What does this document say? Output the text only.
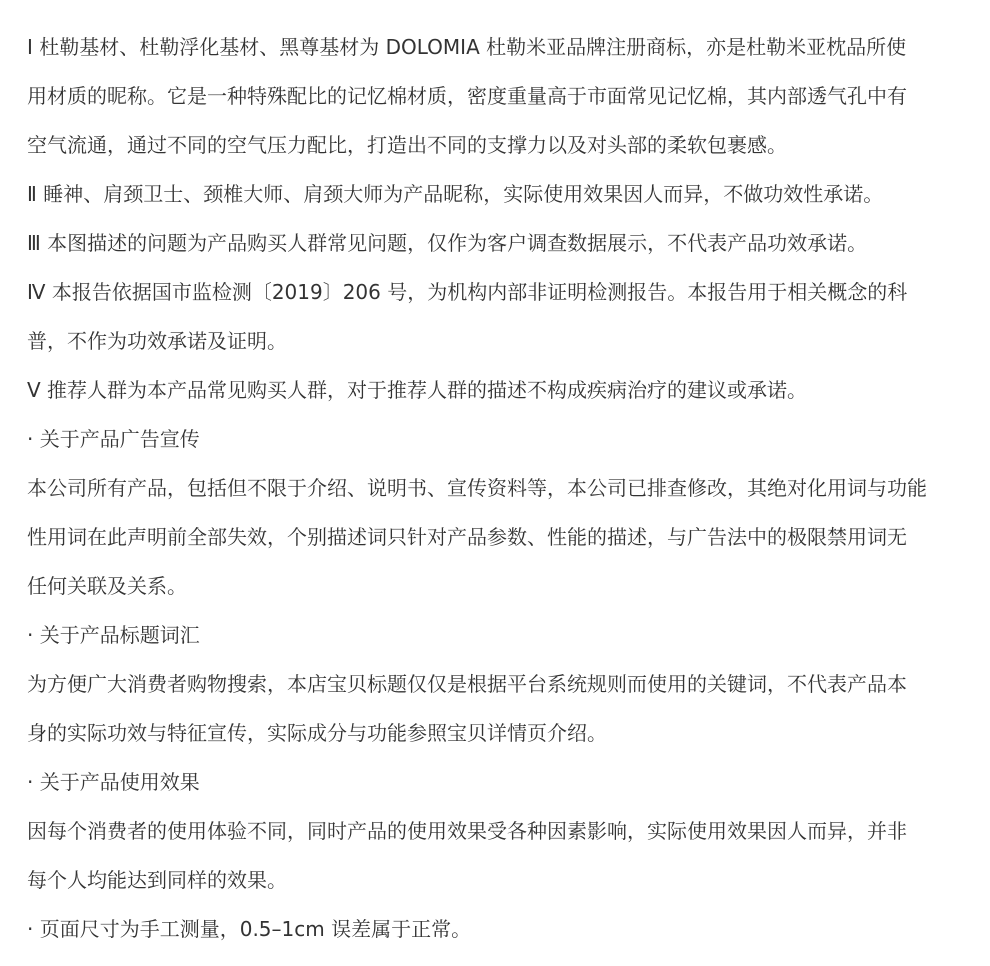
Ⅰ 杜勒基材、杜勒浮化基材、黑尊基材为 DOLOMIA 杜勒米亚品牌注册商标，亦是杜勒米亚枕品所使
用材质的昵称。它是一种特殊配比的记忆棉材质，密度重量高于市面常见记忆棉，其内部透气孔中有
空气流通，通过不同的空气压力配比，打造出不同的支撑力以及对头部的柔软包裹感。
Ⅱ 睡神、肩颈卫士、颈椎大师、肩颈大师为产品昵称，实际使用效果因人而异，不做功效性承诺。
Ⅲ 本图描述的问题为产品购买人群常见问题，仅作为客户调查数据展示，不代表产品功效承诺。
Ⅳ 本报告依据国市监检测〔2019〕206 号，为机构内部非证明检测报告。本报告用于相关概念的科
普，不作为功效承诺及证明。
Ⅴ 推荐人群为本产品常见购买人群，对于推荐人群的描述不构成疾病治疗的建议或承诺。
· 关于产品广告宣传
本公司所有产品，包括但不限于介绍、说明书、宣传资料等，本公司已排查修改，其绝对化用词与功能
性用词在此声明前全部失效，个别描述词只针对产品参数、性能的描述，与广告法中的极限禁用词无
任何关联及关系。
· 关于产品标题词汇
为方便广大消费者购物搜索，本店宝贝标题仅仅是根据平台系统规则而使用的关键词，不代表产品本
身的实际功效与特征宣传，实际成分与功能参照宝贝详情页介绍。
· 关于产品使用效果
因每个消费者的使用体验不同，同时产品的使用效果受各种因素影响，实际使用效果因人而异，并非
每个人均能达到同样的效果。
· 页面尺寸为手工测量，0.5–1cm 误差属于正常。
